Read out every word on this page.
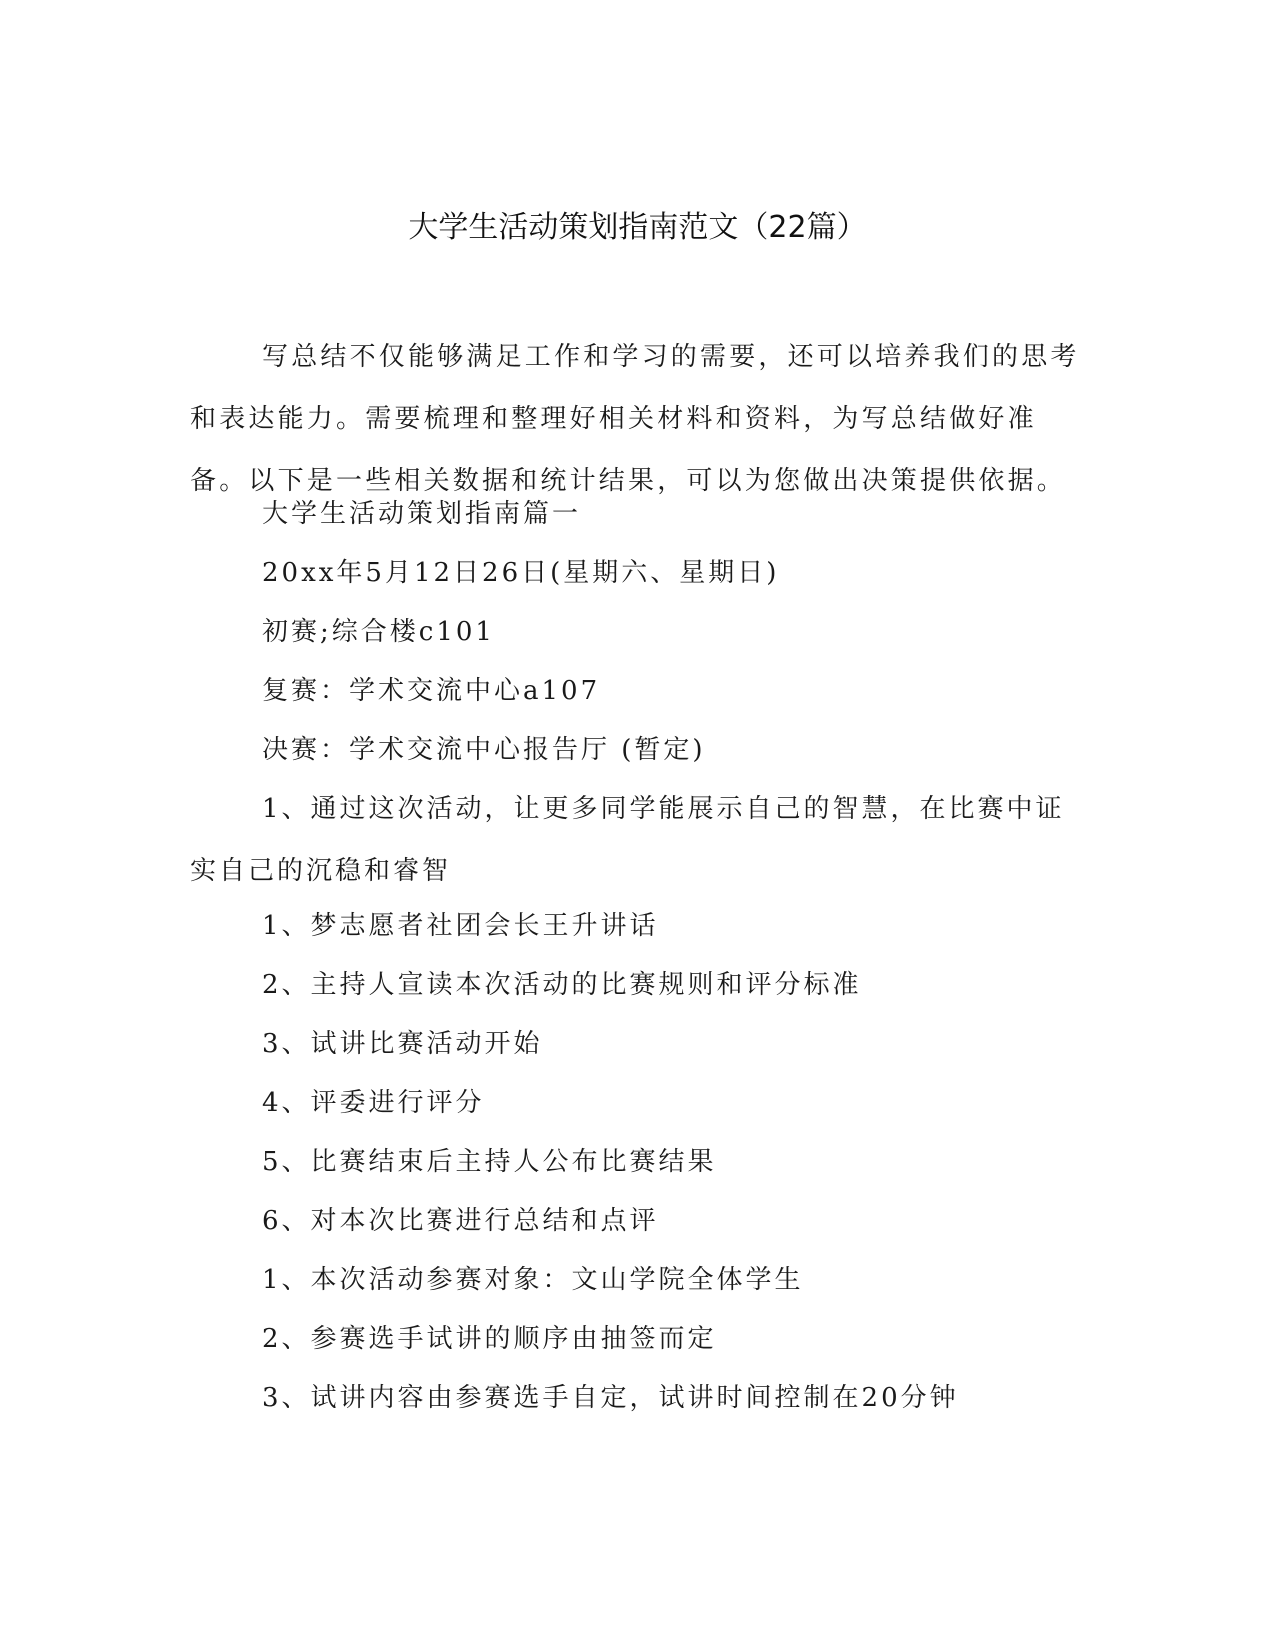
大学生活动策划指南范文（22篇）

写总结不仅能够满足工作和学习的需要，还可以培养我们的思考和表达能力。需要梳理和整理好相关材料和资料，为写总结做好准备。以下是一些相关数据和统计结果，可以为您做出决策提供依据。

大学生活动策划指南篇一

20xx年5月12日26日(星期六、星期日)

初赛;综合楼c101

复赛：学术交流中心a107

决赛：学术交流中心报告厅 (暂定)

1、通过这次活动，让更多同学能展示自己的智慧，在比赛中证实自己的沉稳和睿智

1、梦志愿者社团会长王升讲话

2、主持人宣读本次活动的比赛规则和评分标准

3、试讲比赛活动开始

4、评委进行评分

5、比赛结束后主持人公布比赛结果

6、对本次比赛进行总结和点评

1、本次活动参赛对象：文山学院全体学生

2、参赛选手试讲的顺序由抽签而定

3、试讲内容由参赛选手自定，试讲时间控制在20分钟
